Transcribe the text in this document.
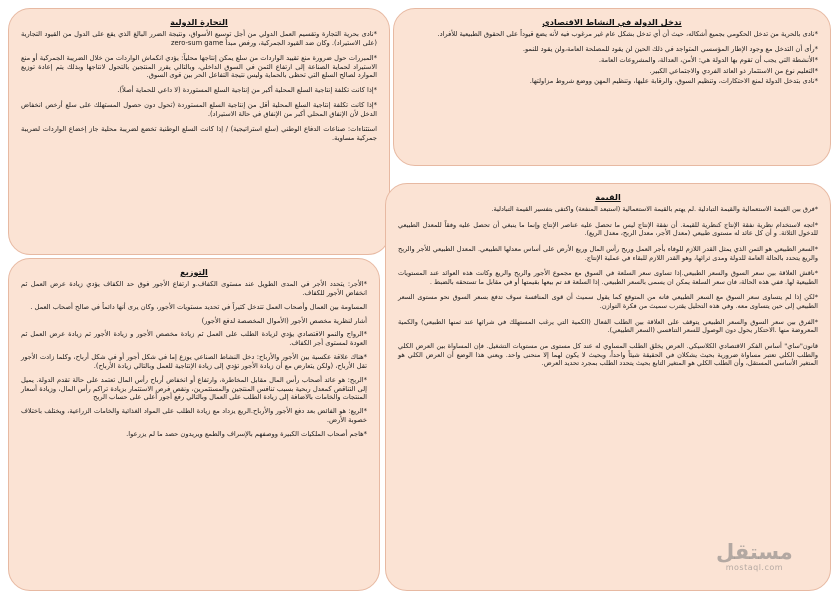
تدخل الدولة في النشاط الاقتصادي

*نادى بالحرية من تدخل الحكومي بجميع أشكاله، حيث أن أي تدخل بشكل عام غير مرغوب فيه لأنه يضع قيوداً على الحقوق الطبيعية للأفراد.

*رأى أن التدخل مع وجود الإطار المؤسسي المتواجد في ذلك الحين لن يقود للمصلحة العامة،ولن يقود للنمو.

*الأنشطة التي يجب أن تقوم بها الدولة هي: الأمن، العدالة، والمشروعات العامة.

*التعليم نوع من الاستثمار ذو العائد الفردي والاجتماعي الكبير.

*نادى بتدخل الدولة لمنع الاحتكارات، وتنظيم السوق، والرقابة عليها، وتنظيم المهن ووضع شروط مزاولتها.

التجارة الدولية

*نادى بحرية التجارة وتقسيم العمل الدولي من أجل توسيع الأسواق، ونتيجة الضرر البالغ الذي يقع على الدول من القيود التجارية (على الاستيراد). وكان ضد القيود الجمركية، ورفض مبدأ zero-sum game

*المبررات حول ضرورة منع تقييد الواردات من سلع يمكن إنتاجها محلياً: يؤدي انكماش الواردات من خلال الضريبة الجمركية أو منع الاستيراد لحماية الصناعة إلى ارتفاع الثمن في السوق الداخلي، وبالتالي يقرر المنتجين بالتحول لانتاجها وبذلك يتم إعادة توزيع الموارد لصالح السلع التي تحظى بالحماية وليس نتيجة التفاعل الحر بين قوى السوق.

*إذا كانت تكلفة إنتاجية السلع المحلية أكبر من إنتاجية السلع المستوردة (لا داعي للحماية أصلاً).

*إذا كانت تكلفة إنتاجية السلع المحلية أقل من إنتاجية السلع المستوردة (تحول دون حصول المستهلك على سلع أرخص انخفاض الدخل لأن الإنفاق المحلي أكبر من الإنفاق في حالة الاستيراد).

استثناءات: صناعات الدفاع الوطني (سلع استراتيجية) / إذا كانت السلع الوطنية تخضع لضريبة محلية جاز إخضاع الواردات لضريبة جمركية مساوية.

القيمة

*فرق بين القيمة الاستعمالية والقيمة التبادلية .لم يهتم بالقيمة الاستعمالية (استبعد المنفعة) واكتفى بتفسير القيمة التبادلية.

*اتجه لاستخدام نظرية نفقة الإنتاج كنظرية للقيمة. أن نفقة الإنتاج ليس ما تحصل عليه عناصر الإنتاج وإنما ما ينبغي أن تحصل عليه وفقاً للمعدل الطبيعي للدخول الثلاثة. و أن كل عائد له مستوى طبيعي (معدل الأجر، معدل الربح، معدل الريع).

*السعر الطبيعي هو الثمن الذي يمثل القدر اللازم للوفاء بأجر العمل وربح رأس المال وريع الأرض على أساس معدلها الطبيعي. المعدل الطبيعي للأجر والربح والريع يتحدد بالحالة العامة للدولة ومدى ثرائها، وهو القدر اللازم للبقاء في عملية الإنتاج.

*ناقش العلاقة بين سعر السوق والسعر الطبيعي.إذا تساوى سعر السلعة في السوق مع مجموع الأجور والربح والريع وكانت هذه العوائد عند المستويات الطبيعية لها. ففي هذه الحالة، فان سعر السلعة يمكن ان يسمى بالسعر الطبيعي. إذا السلعة قد تم بيعها بقيمتها أو في مقابل ما تستحقه بالضبط .

*لكن إذا لم يتساوى سعر السوق مع السعر الطبيعي فانه من المتوقع كما يقول سميث أن قوى المنافسة سوف تدفع بسعر السوق نحو مستوى السعر الطبيعي إلى حين يتساوى معه. وفي هذه التحليل يقترب سميث من فكرة التوازن.

*الفرق بين سعر السوق والسعر الطبيعي يتوقف على العلاقة بين الطلب الفعال (الكمية التي يرغب المستهلك في شرائها عند ثمنها الطبيعي) والكمية المعروضة منها .الاحتكار يحول دون الوصول للسعر التنافسي (السعر الطبيعي).

قانون"ساي" أساس الفكر الاقتصادي الكلاسيكي. العرض يخلق الطلب المساوي له عند كل مستوى من مستويات التشغيل. فإن المساواة بين العرض الكلي والطلب الكلي تعتبر مساواة ضرورية بحيث يشكلان في الحقيقة شيئاً واحداً، وبحيث لا يكون لهما إلا منحنى واحد. ويعني هذا الوضع أن العرض الكلي هو المتغير الأساسي المستقل، وأن الطلب الكلي هو المتغير التابع بحيث يتحدد الطلب بمجرد تحديد العرض.

التوزيع

*الأجر: يتحدد الأجر في المدى الطويل عند مستوى الكفاف.و ارتفاع الأجور فوق حد الكفاف يؤدي زيادة عرض العمل ثم انخفاض الأجور للكفاف.

المساومة بين العمال وأصحاب العمل تتدخل كثيراً في تحديد مستويات الأجور، وكان يرى أنها دائماً في صالح أصحاب العمل .

أشار لنظرية مخصص الأجور (الأموال المخصصة لدفع الأجور)

*الرواج والنمو الاقتصادي يؤدي لزيادة الطلب على العمل ثم زيادة مخصص الأجور و زيادة الأجور ثم زيادة عرض العمل ثم العودة لمستوى أجر الكفاف.

*هناك علاقة عكسية بين الأجور والأرباح: دخل النشاط الصناعي يوزع إما في شكل أجور أو في شكل أرباح، وكلما زادت الأجور تقل الأرباح، (ولكن يتعارض مع أن زيادة الأجور تؤدي إلى زيادة الإنتاجية للعمل وبالتالي زيادة الأرباح).

*الربح: هو عائد أصحاب رأس المال مقابل المخاطرة، وارتفاع أو انخفاض أرباح رأس المال تعتمد على حالة تقدم الدولة. يميل إلى التناقص كمعدل ربحية بسبب تنافس المنتجين والمستثمرين، ونقص فرص الاستثمار بزيادة تراكم رأس المال، وزيادة أسعار المنتجات والخامات بالاضافة إلى زيادة الطلب على العمال وبالتالي رفع أجور أعلى على حساب الربح

*الريع: هو الفائض بعد دفع الأجور والأرباح.الريع يزداد مع زيادة الطلب على المواد الغذائية والخامات الزراعية، ويختلف باختلاف خصوبة الأرض.

*هاجم أصحاب الملكيات الكبيرة ووصفهم بالإسراف والطمع ويريدون حصد ما لم يزرعوا.

مستقل
mostaql.com
